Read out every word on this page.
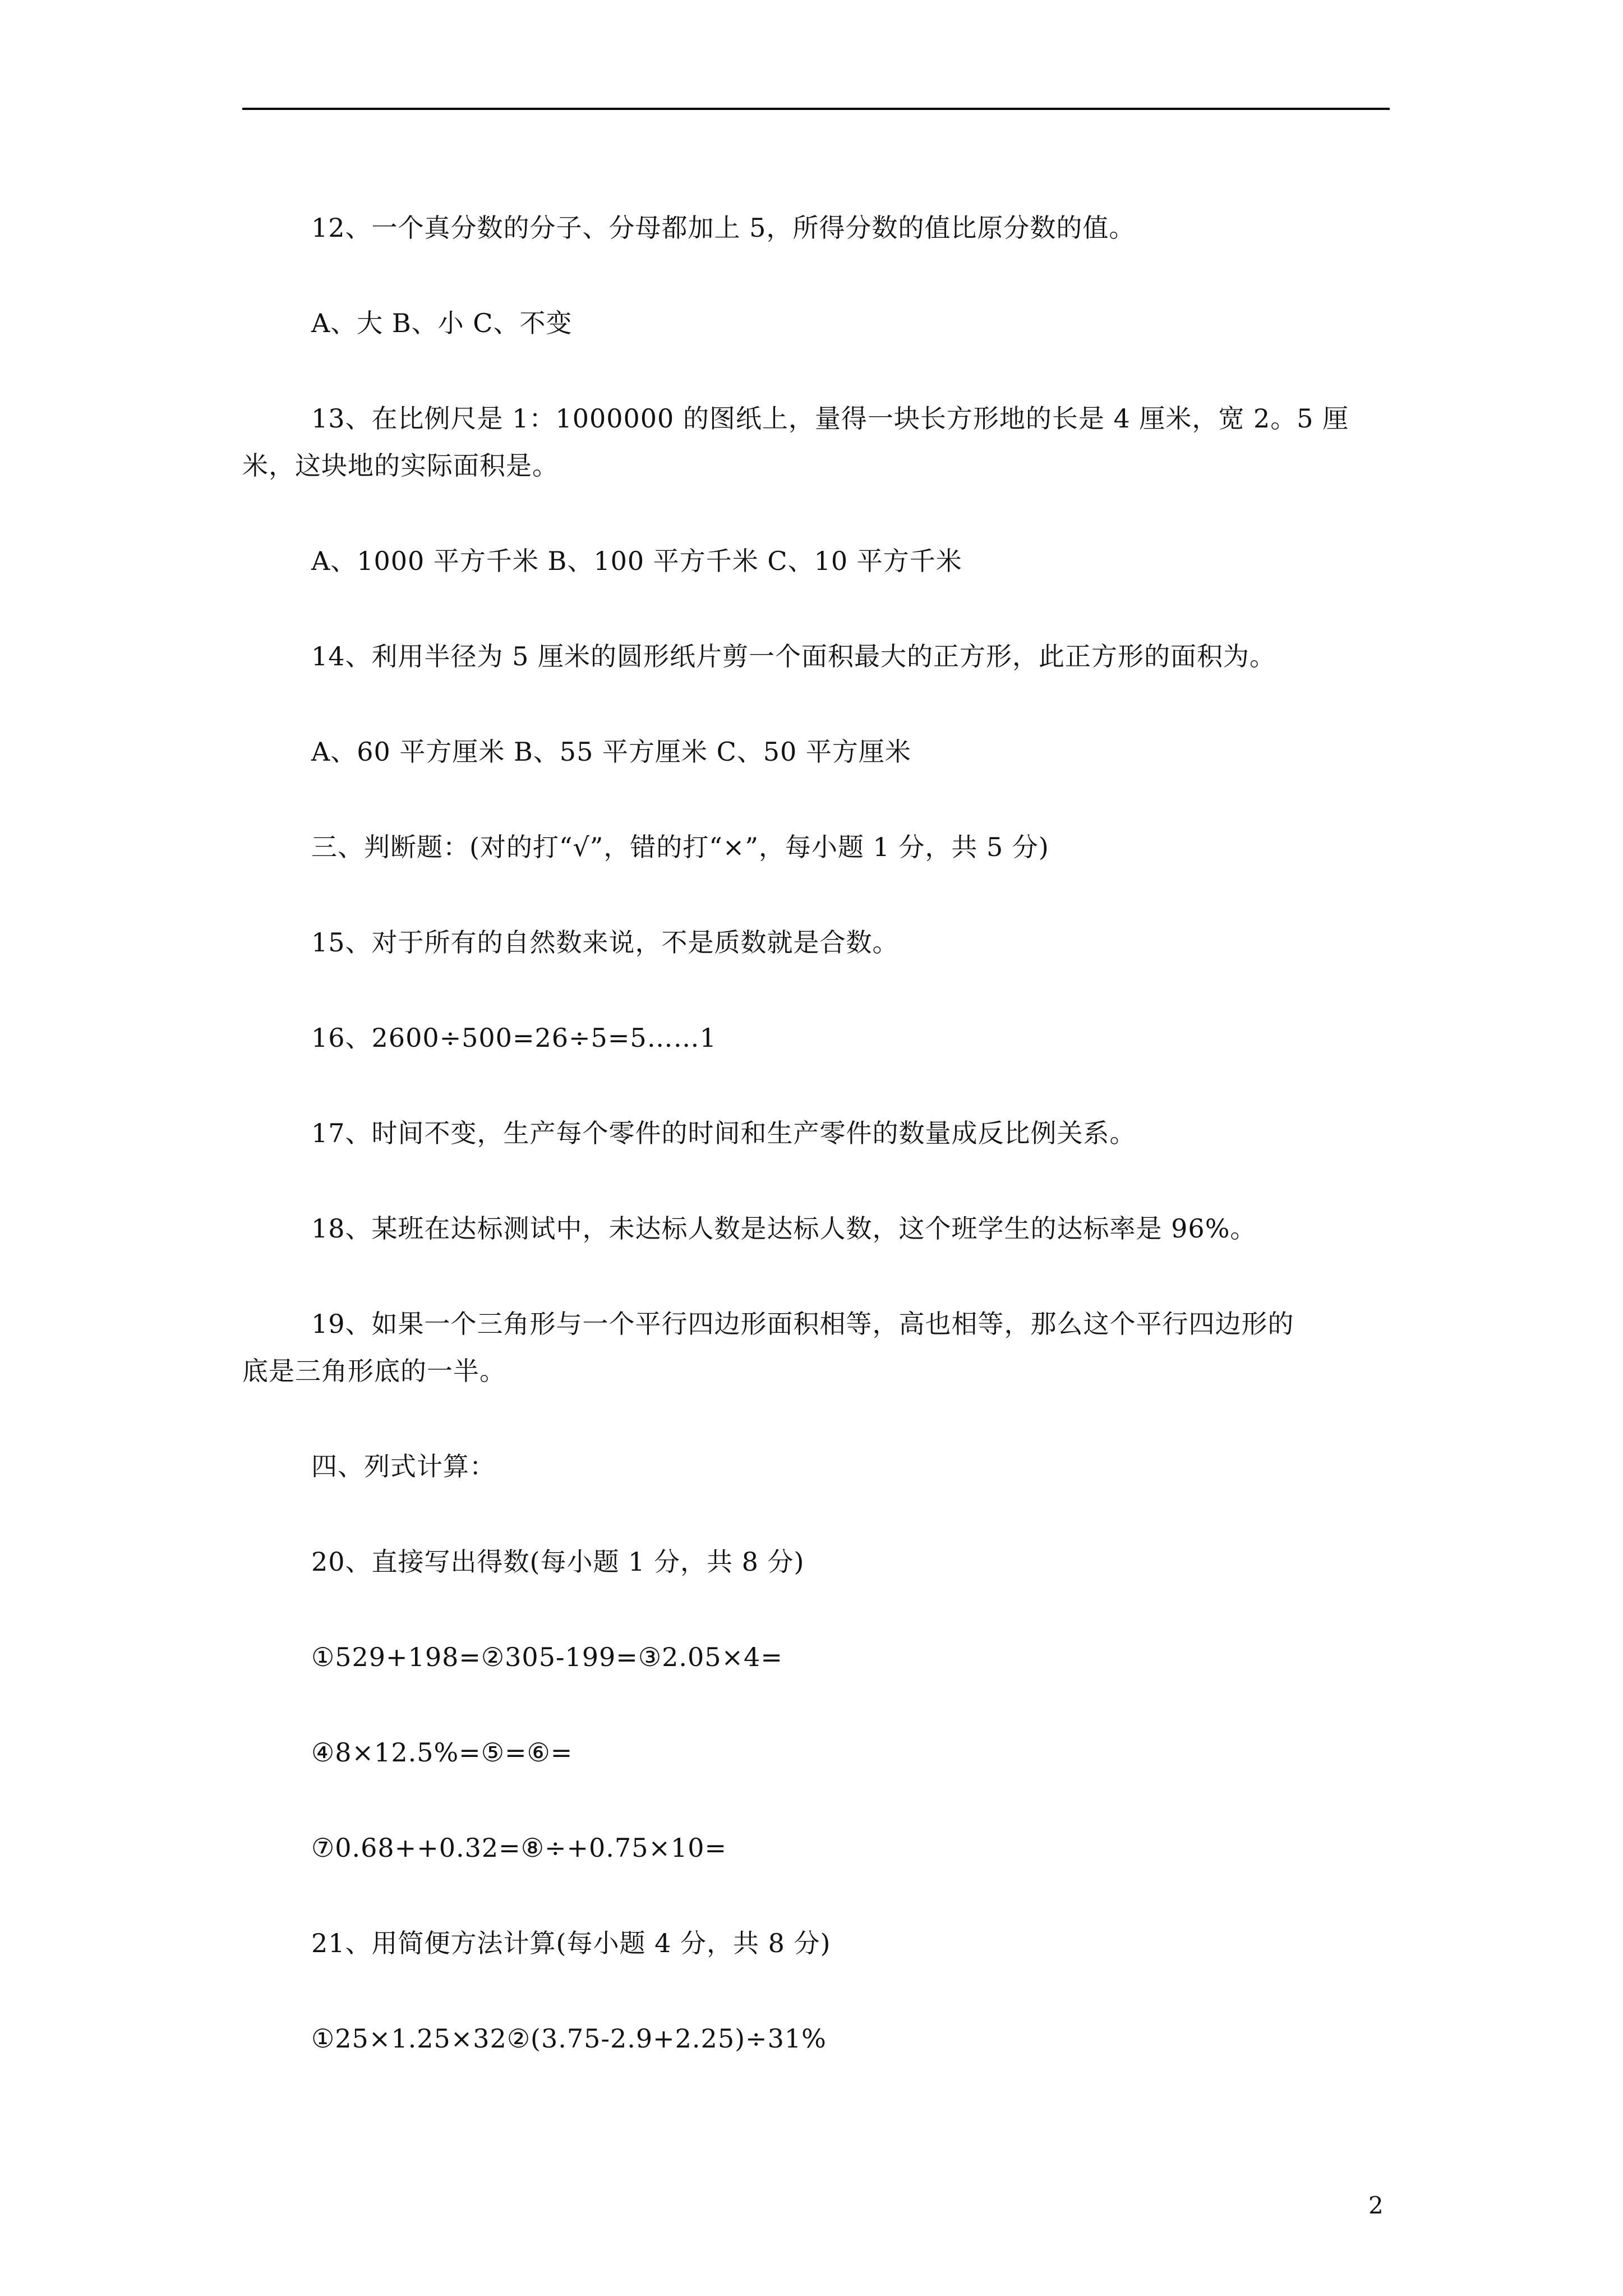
12、一个真分数的分子、分母都加上 5，所得分数的值比原分数的值。
A、大 B、小 C、不变
13、在比例尺是 1：1000000 的图纸上，量得一块长方形地的长是 4 厘米，宽 2。5 厘
米，这块地的实际面积是。
A、1000 平方千米 B、100 平方千米 C、10 平方千米
14、利用半径为 5 厘米的圆形纸片剪一个面积最大的正方形，此正方形的面积为。
A、60 平方厘米 B、55 平方厘米 C、50 平方厘米
三、判断题：(对的打“√”，错的打“×”，每小题 1 分，共 5 分)
15、对于所有的自然数来说，不是质数就是合数。
16、2600÷500=26÷5=5……1
17、时间不变，生产每个零件的时间和生产零件的数量成反比例关系。
18、某班在达标测试中，未达标人数是达标人数，这个班学生的达标率是 96%。
19、如果一个三角形与一个平行四边形面积相等，高也相等，那么这个平行四边形的
底是三角形底的一半。
四、列式计算：
20、直接写出得数(每小题 1 分，共 8 分)
①529+198=②305-199=③2.05×4=
④8×12.5%=⑤=⑥=
⑦0.68++0.32=⑧÷+0.75×10=
21、用简便方法计算(每小题 4 分，共 8 分)
①25×1.25×32②(3.75-2.9+2.25)÷31%
2
